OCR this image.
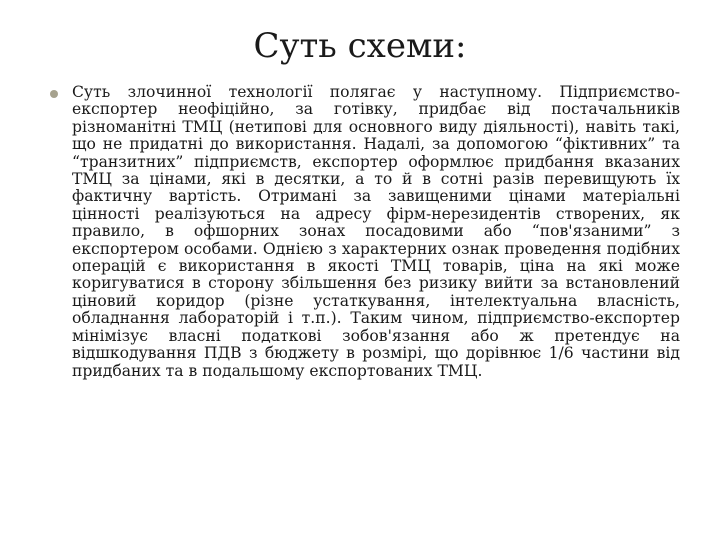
Суть схеми:

Суть злочинної технології полягає у наступному. Підприємство-експортер неофіційно, за готівку, придбає від постачальників різноманітні ТМЦ (нетипові для основного виду діяльності), навіть такі, що не придатні до використання. Надалі, за допомогою “фіктивних” та “транзитних” підприємств, експортер оформлює придбання вказаних ТМЦ за цінами, які в десятки, а то й в сотні разів перевищують їх фактичну вартість. Отримані за завищеними цінами матеріальні цінності реалізуються на адресу фірм-нерезидентів створених, як правило, в офшорних зонах посадовими або “пов'язаними” з експортером особами. Однією з характерних ознак проведення подібних операцій є використання в якості ТМЦ товарів, ціна на які може коригуватися в сторону збільшення без ризику вийти за встановлений ціновий коридор (різне устаткування, інтелектуальна власність, обладнання лабораторій і т.п.). Таким чином, підприємство-експортер мінімізує власні податкові зобов'язання або ж претендує на відшкодування ПДВ з бюджету в розмірі, що дорівнює 1/6 частини від придбаних та в подальшому експортованих ТМЦ.
